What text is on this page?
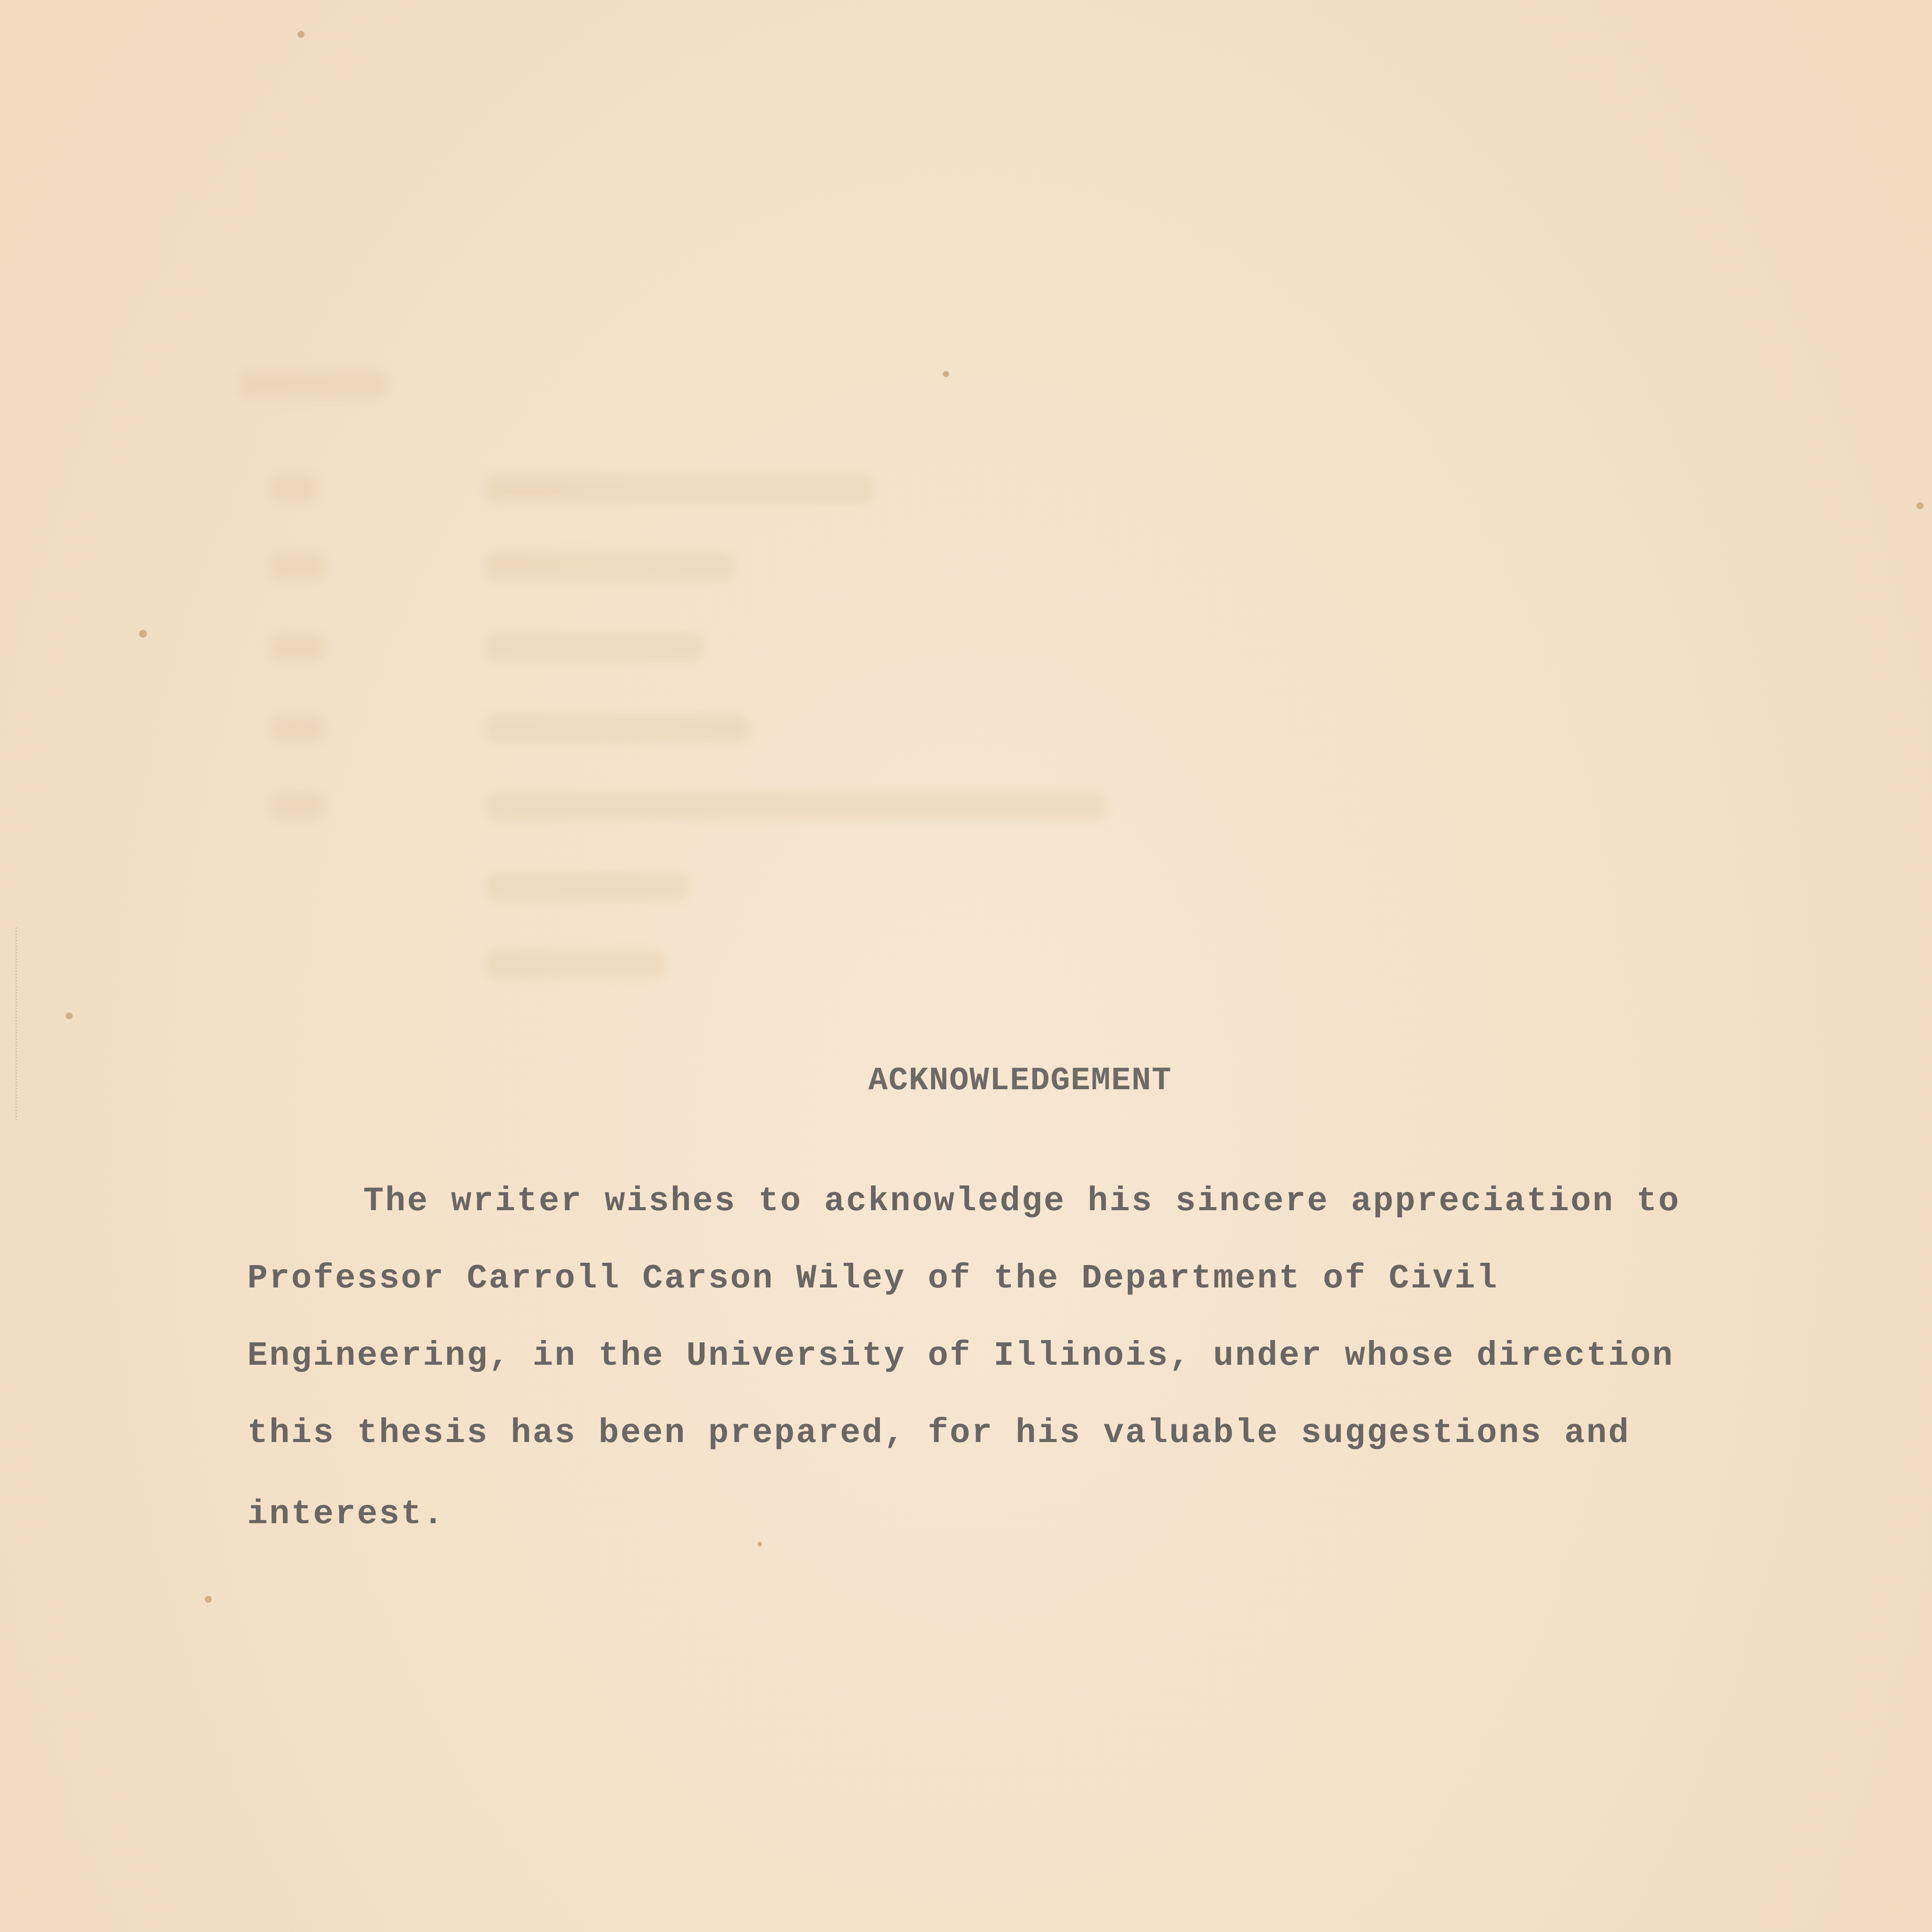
ACKNOWLEDGEMENT
The writer wishes to acknowledge his sincere appreciation to
Professor Carroll Carson Wiley of the Department of Civil
Engineering, in the University of Illinois, under whose direction
this thesis has been prepared, for his valuable suggestions and
interest.
